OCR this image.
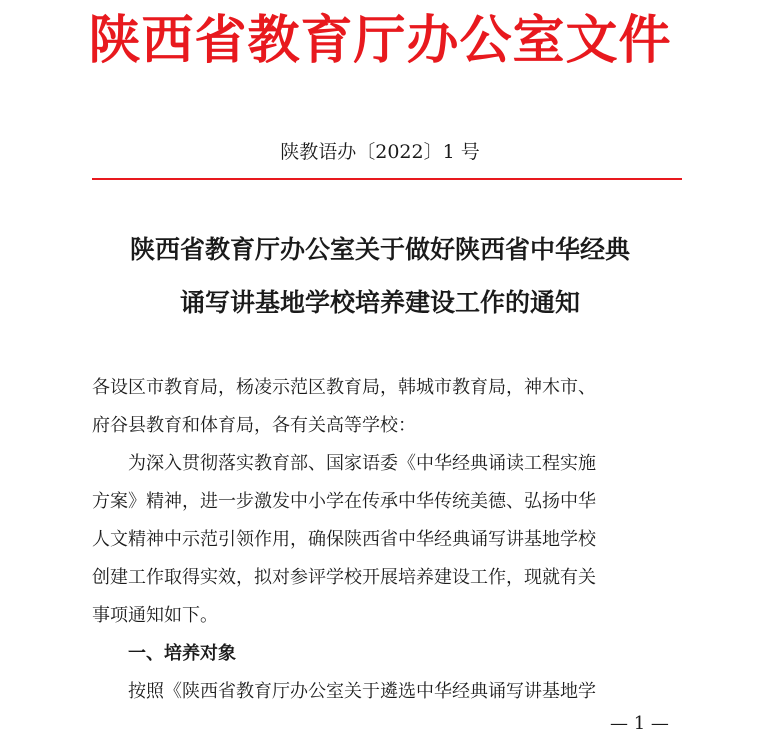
陕西省教育厅办公室文件
陕教语办〔2022〕1 号
陕西省教育厅办公室关于做好陕西省中华经典
诵写讲基地学校培养建设工作的通知
各设区市教育局，杨凌示范区教育局，韩城市教育局，神木市、
府谷县教育和体育局，各有关高等学校：
为深入贯彻落实教育部、国家语委《中华经典诵读工程实施
方案》精神，进一步激发中小学在传承中华传统美德、弘扬中华
人文精神中示范引领作用，确保陕西省中华经典诵写讲基地学校
创建工作取得实效，拟对参评学校开展培养建设工作，现就有关
事项通知如下。
一、培养对象
按照《陕西省教育厅办公室关于遴选中华经典诵写讲基地学
— 1 —
